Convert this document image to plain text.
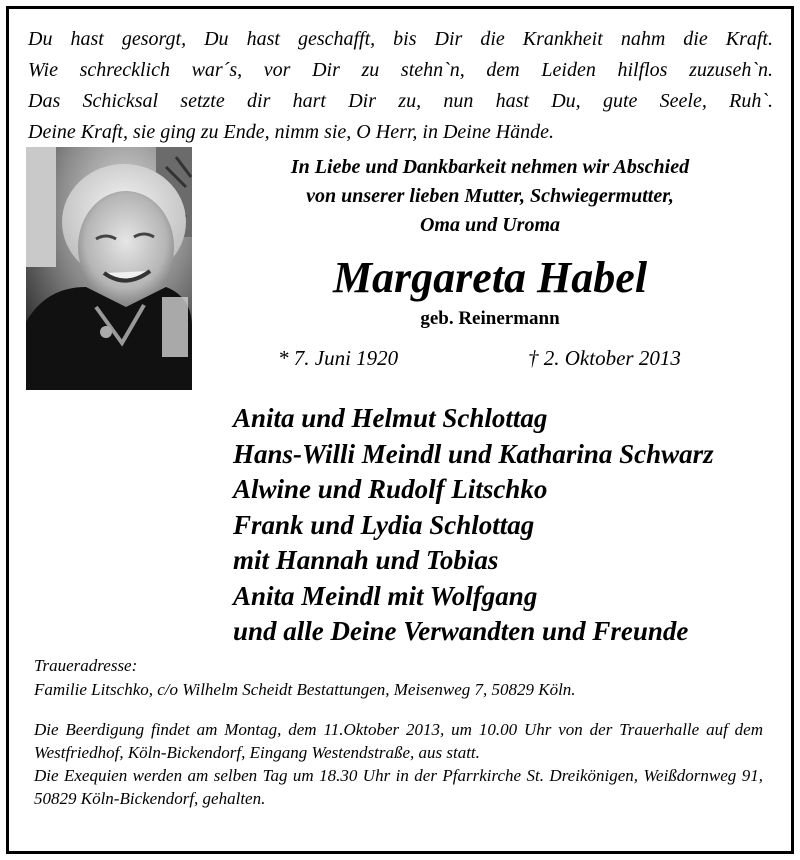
Du hast gesorgt, Du hast geschafft, bis Dir die Krankheit nahm die Kraft.
Wie schrecklich war´s, vor Dir zu stehn`n, dem Leiden hilflos zuzuseh`n.
Das Schicksal setzte dir hart Dir zu, nun hast Du, gute Seele, Ruh`.
Deine Kraft, sie ging zu Ende, nimm sie, O Herr, in Deine Hände.
In Liebe und Dankbarkeit nehmen wir Abschied
von unserer lieben Mutter, Schwiegermutter,
Oma und Uroma
Margareta Habel
geb. Reinermann
* 7. Juni 1920	† 2. Oktober 2013
Anita und Helmut Schlottag
Hans-Willi Meindl und Katharina Schwarz
Alwine und Rudolf Litschko
Frank und Lydia Schlottag
mit Hannah und Tobias
Anita Meindl mit Wolfgang
und alle Deine Verwandten und Freunde
Traueradresse:
Familie Litschko, c/o Wilhelm Scheidt Bestattungen, Meisenweg 7, 50829 Köln.

Die Beerdigung findet am Montag, dem 11.Oktober 2013, um 10.00 Uhr von der Trauerhalle auf dem Westfriedhof, Köln-Bickendorf, Eingang Westendstraße, aus statt.

Die Exequien werden am selben Tag um 18.30 Uhr in der Pfarrkirche St. Dreikönigen, Weißdornweg 91, 50829 Köln-Bickendorf, gehalten.
